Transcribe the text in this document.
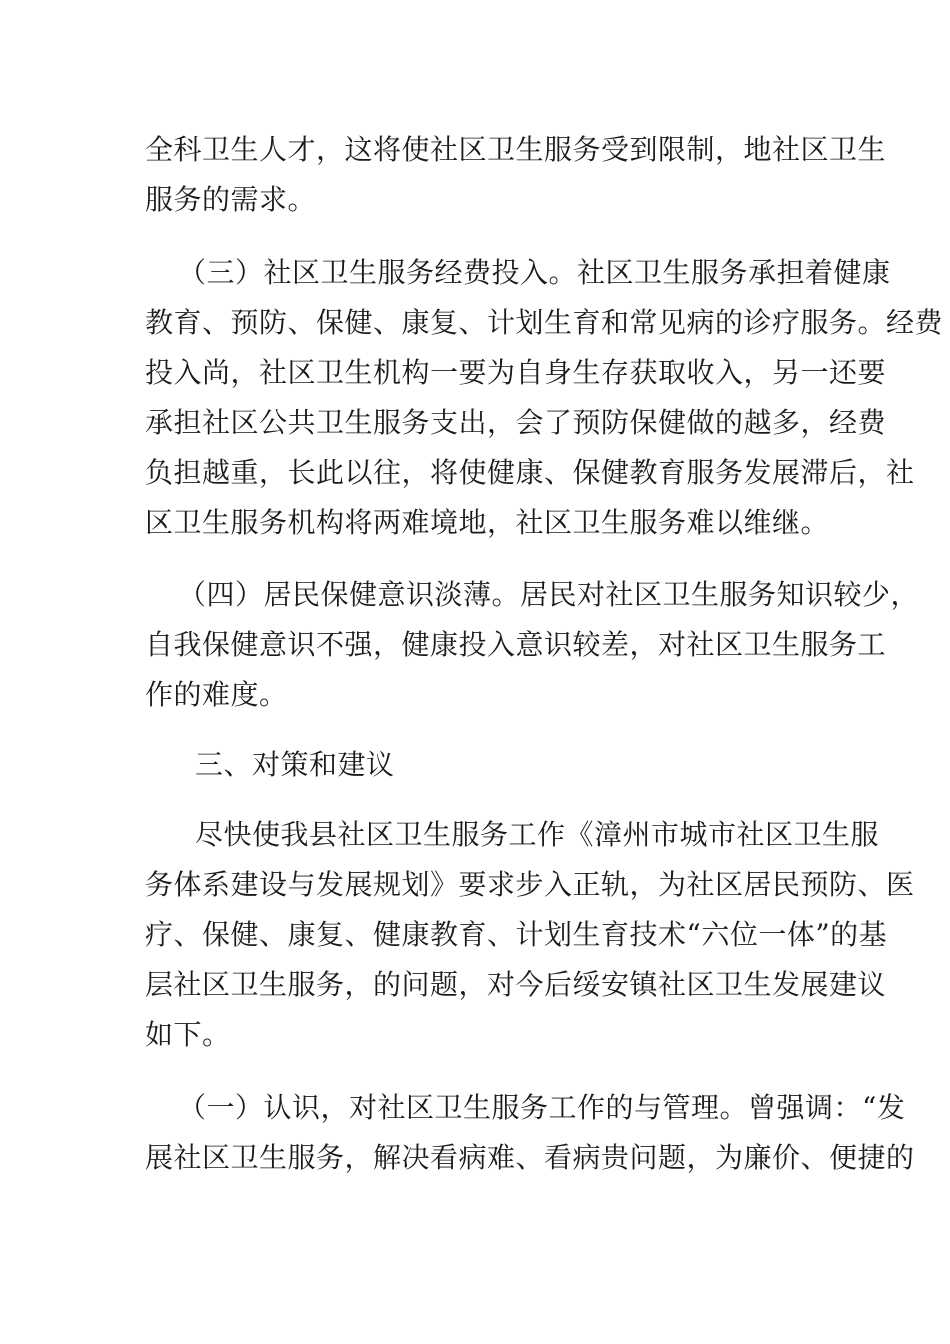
全科卫生人才，这将使社区卫生服务受到限制，地社区卫生
服务的需求。
（三）社区卫生服务经费投入。社区卫生服务承担着健康
教育、预防、保健、康复、计划生育和常见病的诊疗服务。经费
投入尚，社区卫生机构一要为自身生存获取收入，另一还要
承担社区公共卫生服务支出，会了预防保健做的越多，经费
负担越重，长此以往，将使健康、保健教育服务发展滞后，社
区卫生服务机构将两难境地，社区卫生服务难以维继。
（四）居民保健意识淡薄。居民对社区卫生服务知识较少，
自我保健意识不强，健康投入意识较差，对社区卫生服务工
作的难度。
三、对策和建议
尽快使我县社区卫生服务工作《漳州市城市社区卫生服
务体系建设与发展规划》要求步入正轨，为社区居民预防、医
疗、保健、康复、健康教育、计划生育技术“六位一体”的基
层社区卫生服务，的问题，对今后绥安镇社区卫生发展建议
如下。
（一）认识，对社区卫生服务工作的与管理。曾强调：“发
展社区卫生服务，解决看病难、看病贵问题，为廉价、便捷的
